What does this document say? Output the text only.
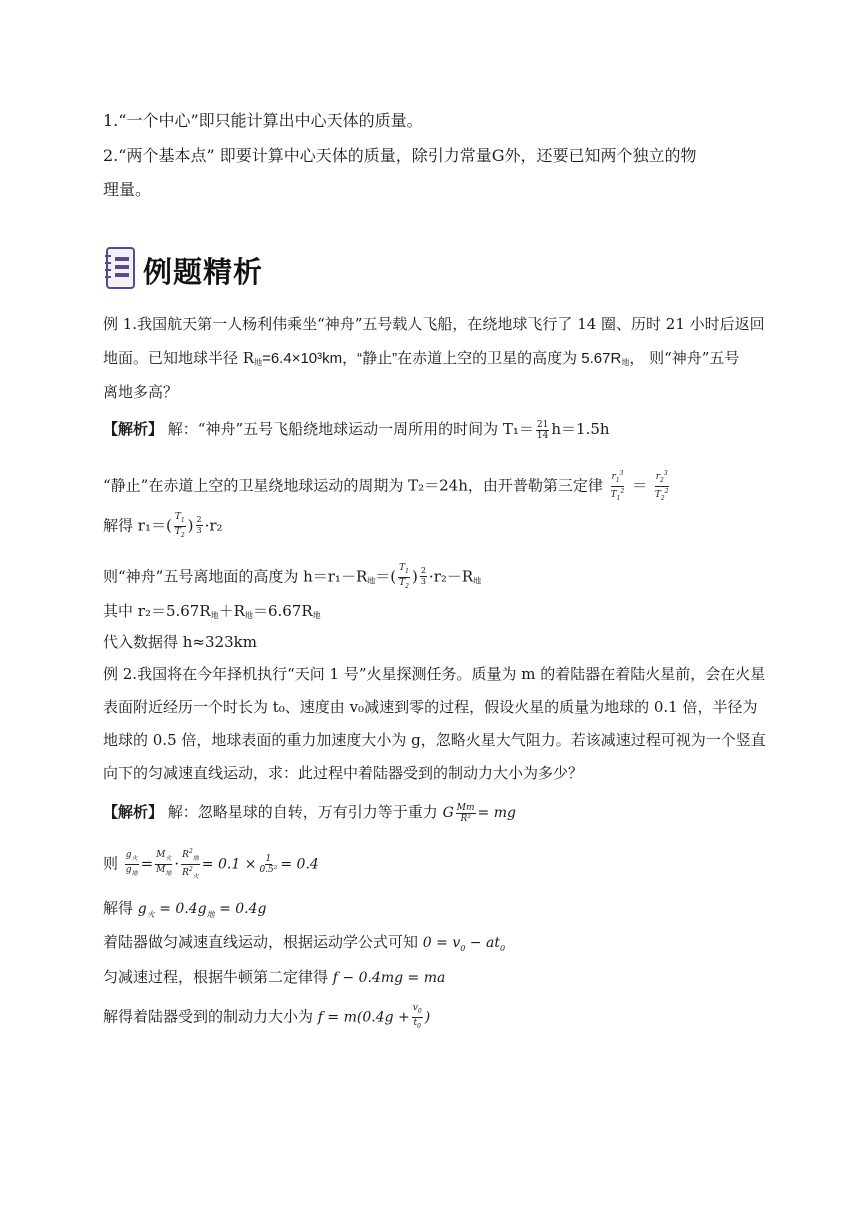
1.“一个中心”即只能计算出中心天体的质量。
2.“两个基本点” 即要计算中心天体的质量，除引力常量G外，还要已知两个独立的物
理量。
例题精析
例 1.我国航天第一人杨利伟乘坐“神舟”五号载人飞船，在绕地球飞行了 14 圈、历时 21 小时后返回
地面。已知地球半径 $R_地=6.4\times 10^3km$，“静止”在赤道上空的卫星的高度为 $5.67R_地$， 则“神舟”五号
离地多高？
【解析】 解：“神舟”五号飞船绕地球运动一周所用的时间为 $T_1= \frac{21}{14} h=1.5h$
“静止”在赤道上空的卫星绕地球运动的周期为 T₂＝24h，由开普勒第三定律 $\frac{r_1^3}{T_1^2} = \frac{r_2^3}{T_2^2}$
解得 $r_1=( \frac{T_1}{T_2}$ ) $\frac{2}{3} \cdot r_2$
则“神舟”五号离地面的高度为 $h=r_1-R_地=( \frac{T_1}{T_2}$ ) $\frac{2}{3} \cdot r_2-R_地$
其中 $r_2=5.67R_地+R_地=6.67R_地$
代入数据得 h≈323km
例 2.我国将在今年择机执行“天问 1 号”火星探测任务。质量为 m 的着陆器在着陆火星前，会在火星
表面附近经历一个时长为 t₀、速度由 v₀减速到零的过程，假设火星的质量为地球的 0.1 倍，半径为
地球的 0.5 倍，地球表面的重力加速度大小为 g，忽略火星大气阻力。若该减速过程可视为一个竖直
向下的匀减速直线运动，求：此过程中着陆器受到的制动力大小为多少？
【解析】 解：忽略星球的自转，万有引力等于重力 G $\frac{Mm}{\text{R²}}$ = mg
则 $\frac{g_火}{g_地} = \frac{M_火}{M_地} \cdot \frac{R^2_地}{R^2_火} = 0.1 \times \frac{1}{\text{0.5²}} = 0.4$
解得 $g_火 = 0.4g_地 = 0.4g$
着陆器做匀减速直线运动，根据运动学公式可知 $0 = v_0 - at_0$
匀减速过程，根据牛顿第二定律得 f − 0.4mg = ma
解得着陆器受到的制动力大小为 $f = m(0.4g + \frac{v_0}{t_0}$ )
